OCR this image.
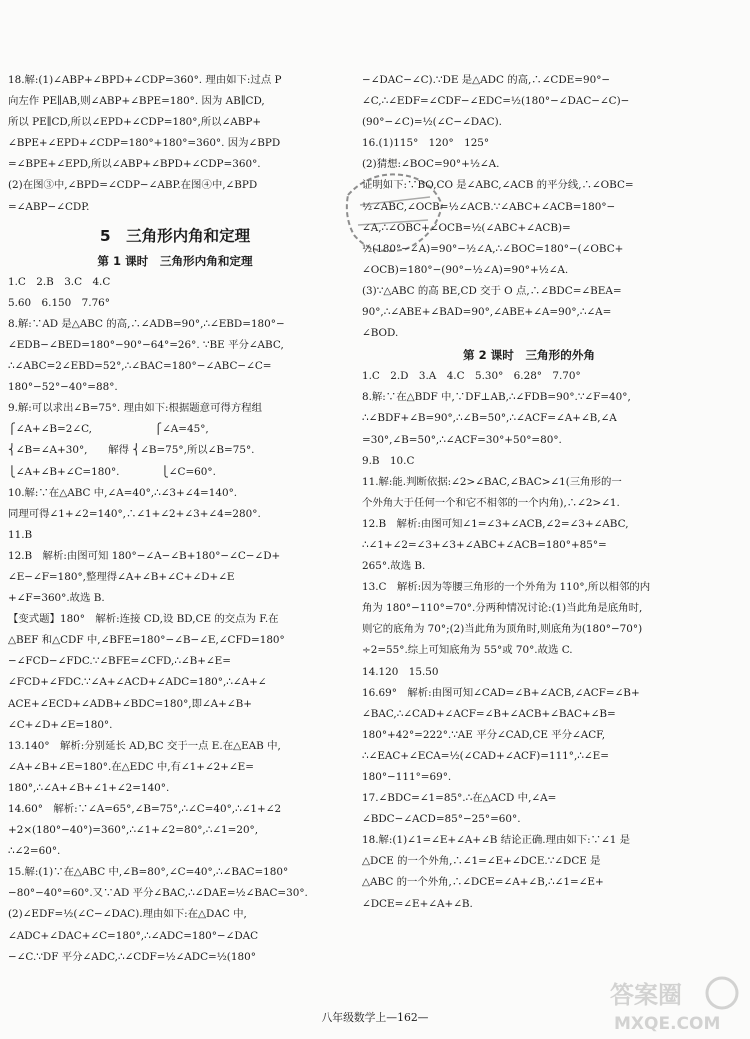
18.解:(1)∠ABP+∠BPD+∠CDP=360°. 理由如下:过点 P
向左作 PE∥AB,则∠ABP+∠BPE=180°. 因为 AB∥CD,
所以 PE∥CD,所以∠EPD+∠CDP=180°,所以∠ABP+
∠BPE+∠EPD+∠CDP=180°+180°=360°. 因为∠BPD
=∠BPE+∠EPD,所以∠ABP+∠BPD+∠CDP=360°.
(2)在图③中,∠BPD=∠CDP−∠ABP.在图④中,∠BPD
=∠ABP−∠CDP.
5　三角形内角和定理
第 1 课时　三角形内角和定理
1.C　2.B　3.C　4.C
5.60　6.150　7.76°
8.解:∵AD 是△ABC 的高,∴∠ADB=90°,∴∠EBD=180°−
∠EDB−∠BED=180°−90°−64°=26°. ∵BE 平分∠ABC,
∴∠ABC=2∠EBD=52°,∴∠BAC=180°−∠ABC−∠C=
180°−52°−40°=88°.
9.解:可以求出∠B=75°. 理由如下:根据题意可得方程组
⎧∠A+∠B=2∠C,　　　　　　⎧∠A=45°,
⎨∠B=∠A+30°,　　解得 ⎨∠B=75°,所以∠B=75°.
⎩∠A+∠B+∠C=180°.　　　　⎩∠C=60°.
10.解:∵在△ABC 中,∠A=40°,∴∠3+∠4=140°.
同理可得∠1+∠2=140°,∴∠1+∠2+∠3+∠4=280°.
11.B
12.B　解析:由图可知 180°−∠A−∠B+180°−∠C−∠D+
∠E−∠F=180°,整理得∠A+∠B+∠C+∠D+∠E
+∠F=360°.故选 B.
【变式题】180°　解析:连接 CD,设 BD,CE 的交点为 F.在
△BEF 和△CDF 中,∠BFE=180°−∠B−∠E,∠CFD=180°
−∠FCD−∠FDC.∵∠BFE=∠CFD,∴∠B+∠E=
∠FCD+∠FDC.∵∠A+∠ACD+∠ADC=180°,∴∠A+∠
ACE+∠ECD+∠ADB+∠BDC=180°,即∠A+∠B+
∠C+∠D+∠E=180°.
13.140°　解析:分别延长 AD,BC 交于一点 E.在△EAB 中,
∠A+∠B+∠E=180°.在△EDC 中,有∠1+∠2+∠E=
180°,∴∠A+∠B+∠1+∠2=140°.
14.60°　解析:∵∠A=65°,∠B=75°,∴∠C=40°,∴∠1+∠2
+2×(180°−40°)=360°,∴∠1+∠2=80°,∴∠1=20°,
∴∠2=60°.
15.解:(1)∵在△ABC 中,∠B=80°,∠C=40°,∴∠BAC=180°
−80°−40°=60°.又∵AD 平分∠BAC,∴∠DAE=½∠BAC=30°.
(2)∠EDF=½(∠C−∠DAC).理由如下:在△DAC 中,
∠ADC+∠DAC+∠C=180°,∴∠ADC=180°−∠DAC
−∠C.∵DF 平分∠ADC,∴∠CDF=½∠ADC=½(180°
−∠DAC−∠C).∵DE 是△ADC 的高,∴∠CDE=90°−
∠C,∴∠EDF=∠CDF−∠EDC=½(180°−∠DAC−∠C)−
(90°−∠C)=½(∠C−∠DAC).
16.(1)115°　120°　125°
(2)猜想:∠BOC=90°+½∠A.
证明如下:∵BO,CO 是∠ABC,∠ACB 的平分线,∴∠OBC=
½∠ABC,∠OCB=½∠ACB.∵∠ABC+∠ACB=180°−
∠A,∴∠OBC+∠OCB=½(∠ABC+∠ACB)=
½(180°−∠A)=90°−½∠A,∴∠BOC=180°−(∠OBC+
∠OCB)=180°−(90°−½∠A)=90°+½∠A.
(3)∵△ABC 的高 BE,CD 交于 O 点,∴∠BDC=∠BEA=
90°,∴∠ABE+∠BAD=90°,∠ABE+∠A=90°,∴∠A=
∠BOD.
第 2 课时　三角形的外角
1.C　2.D　3.A　4.C　5.30°　6.28°　7.70°
8.解:∵在△BDF 中,∵DF⊥AB,∴∠FDB=90°.∵∠F=40°,
∴∠BDF+∠B=90°,∴∠B=50°,∴∠ACF=∠A+∠B,∠A
=30°,∠B=50°,∴∠ACF=30°+50°=80°.
9.B　10.C
11.解:能.判断依据:∠2>∠BAC,∠BAC>∠1(三角形的一
个外角大于任何一个和它不相邻的一个内角),∴∠2>∠1.
12.B　解析:由图可知∠1=∠3+∠ACB,∠2=∠3+∠ABC,
∴∠1+∠2=∠3+∠3+∠ABC+∠ACB=180°+85°=
265°.故选 B.
13.C　解析:因为等腰三角形的一个外角为 110°,所以相邻的内
角为 180°−110°=70°.分两种情况讨论:(1)当此角是底角时,
则它的底角为 70°;(2)当此角为顶角时,则底角为(180°−70°)
÷2=55°.综上可知底角为 55°或 70°.故选 C.
14.120　15.50
16.69°　解析:由图可知∠CAD=∠B+∠ACB,∠ACF=∠B+
∠BAC,∴∠CAD+∠ACF=∠B+∠ACB+∠BAC+∠B=
180°+42°=222°.∵AE 平分∠CAD,CE 平分∠ACF,
∴∠EAC+∠ECA=½(∠CAD+∠ACF)=111°,∴∠E=
180°−111°=69°.
17.∠BDC=∠1=85°.∴在△ACD 中,∠A=
∠BDC−∠ACD=85°−25°=60°.
18.解:(1)∠1=∠E+∠A+∠B 结论正确.理由如下:∵∠1 是
△DCE 的一个外角,∴∠1=∠E+∠DCE.∵∠DCE 是
△ABC 的一个外角,∴∠DCE=∠A+∠B,∴∠1=∠E+
∠DCE=∠E+∠A+∠B.
八年级数学上—162—
答案圈
MXQE.COM
